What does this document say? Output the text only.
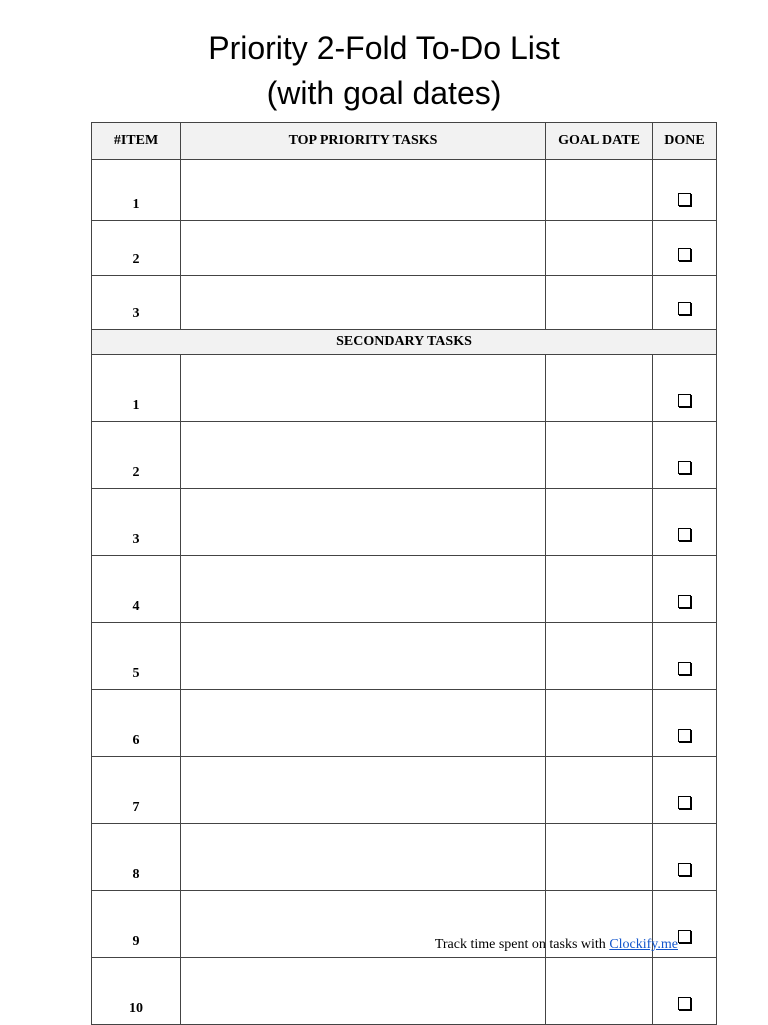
Priority 2-Fold To-Do List
(with goal dates)
#ITEM	TOP PRIORITY TASKS	GOAL DATE	DONE
1			
2			
3			
SECONDARY TASKS			
1			
2			
3			
4			
5			
6			
7			
8			
9			
10			
Track time spent on tasks with Clockify.me
